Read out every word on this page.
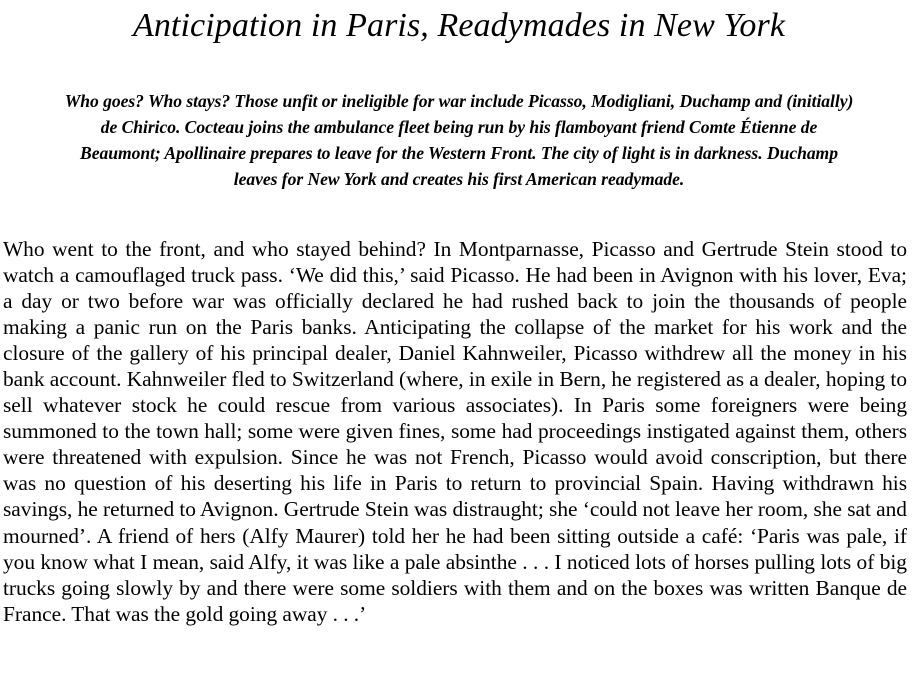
Anticipation in Paris, Readymades in New York
Who goes? Who stays? Those unfit or ineligible for war include Picasso, Modigliani, Duchamp and (initially) de Chirico. Cocteau joins the ambulance fleet being run by his flamboyant friend Comte Étienne de Beaumont; Apollinaire prepares to leave for the Western Front. The city of light is in darkness. Duchamp leaves for New York and creates his first American readymade.

Who went to the front, and who stayed behind? In Montparnasse, Picasso and Gertrude Stein stood to watch a camouflaged truck pass. ‘We did this,’ said Picasso. He had been in Avignon with his lover, Eva; a day or two before war was officially declared he had rushed back to join the thousands of people making a panic run on the Paris banks. Anticipating the collapse of the market for his work and the closure of the gallery of his principal dealer, Daniel Kahnweiler, Picasso withdrew all the money in his bank account. Kahnweiler fled to Switzerland (where, in exile in Bern, he registered as a dealer, hoping to sell whatever stock he could rescue from various associates). In Paris some foreigners were being summoned to the town hall; some were given fines, some had proceedings instigated against them, others were threatened with expulsion. Since he was not French, Picasso would avoid conscription, but there was no question of his deserting his life in Paris to return to provincial Spain. Having withdrawn his savings, he returned to Avignon. Gertrude Stein was distraught; she ‘could not leave her room, she sat and mourned’. A friend of hers (Alfy Maurer) told her he had been sitting outside a café: ‘Paris was pale, if you know what I mean, said Alfy, it was like a pale absinthe . . . I noticed lots of horses pulling lots of big trucks going slowly by and there were some soldiers with them and on the boxes was written Banque de France. That was the gold going away . . .’
